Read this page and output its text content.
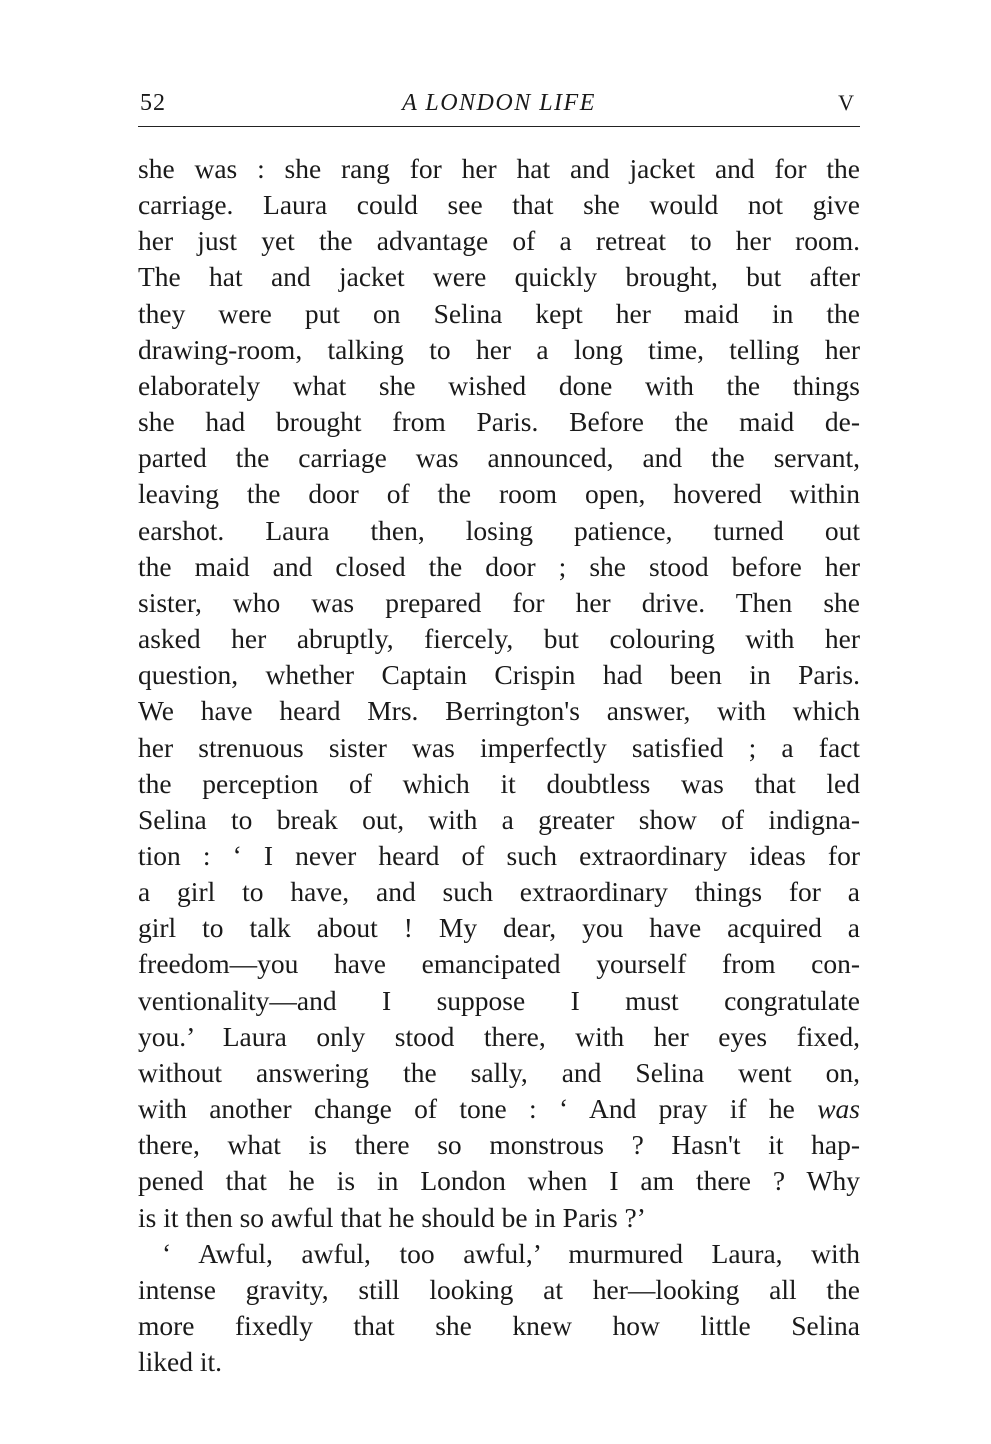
52	A LONDON LIFE	V

she was : she rang for her hat and jacket and for the
carriage. Laura could see that she would not give
her just yet the advantage of a retreat to her room.
The hat and jacket were quickly brought, but after
they were put on Selina kept her maid in the
drawing-room, talking to her a long time, telling her
elaborately what she wished done with the things
she had brought from Paris. Before the maid de-
parted the carriage was announced, and the servant,
leaving the door of the room open, hovered within
earshot. Laura then, losing patience, turned out
the maid and closed the door ; she stood before her
sister, who was prepared for her drive. Then she
asked her abruptly, fiercely, but colouring with her
question, whether Captain Crispin had been in Paris.
We have heard Mrs. Berrington's answer, with which
her strenuous sister was imperfectly satisfied ; a fact
the perception of which it doubtless was that led
Selina to break out, with a greater show of indigna-
tion : ‘ I never heard of such extraordinary ideas for
a girl to have, and such extraordinary things for a
girl to talk about ! My dear, you have acquired a
freedom—you have emancipated yourself from con-
ventionality—and I suppose I must congratulate
you.’ Laura only stood there, with her eyes fixed,
without answering the sally, and Selina went on,
with another change of tone : ‘ And pray if he was
there, what is there so monstrous ? Hasn't it hap-
pened that he is in London when I am there ? Why
is it then so awful that he should be in Paris ?’

‘ Awful, awful, too awful,’ murmured Laura, with
intense gravity, still looking at her—looking all the
more fixedly that she knew how little Selina
liked it.
